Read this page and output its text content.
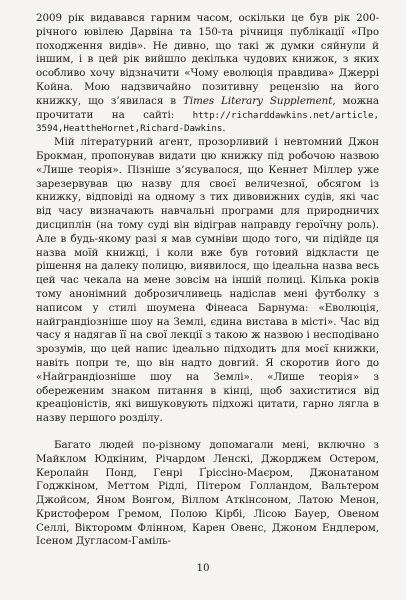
2009 рік видавався гарним часом, оскільки це був рік 200-річного ювілею Дарвіна та 150-та річниця публікації «Про походження видів». Не дивно, що такі ж думки сяйнули й іншим, і в цей рік вийшло декілька чудових книжок, з яких особливо хочу відзначити «Чому еволюція правдива» Джеррі Койна. Мою надзвичайно позитивну рецензію на його книжку, що з’явилася в Times Literary Supplement, можна прочитати на сайті: http://richarddawkins.net/article, 3594,HeattheHornet,Richard-Dawkins.

Мій літературний агент, прозорливий і невтомний Джон Брокман, пропонував видати цю книжку під робочою назвою «Лише теорія». Пізніше з’ясувалося, що Кеннет Міллер уже зарезервував цю назву для своєї величезної, обсягом із книжку, відповіді на одному з тих дивовижних судів, які час від часу визначають навчальні програми для природничих дисциплін (на тому суді він відіграв направду героїчну роль). Але в будь-якому разі я мав сумніви щодо того, чи підійде ця назва моїй книжці, і коли вже був готовий відкласти це рішення на далеку полицю, виявилося, що ідеальна назва весь цей час чекала на мене зовсім на іншій полиці. Кілька років тому анонімний доброзичливець надіслав мені футболку з написом у стилі шоумена Фінеаса Барнума: «Еволюція, найграндіозніше шоу на Землі, єдина вистава в місті». Час від часу я надягав її на свої лекції з такою ж назвою і несподівано зрозумів, що цей напис ідеально підходить для моєї книжки, навіть попри те, що він надто довгий. Я скоротив його до «Найграндіозніше шоу на Землі». «Лише теорія» з обереженим знаком питання в кінці, щоб захиститися від креаціоністів, які вишуковують підхожі цитати, гарно лягла в назву першого розділу.

Багато людей по-різному допомагали мені, включно з Майклом Юдкіним, Річардом Ленскі, Джорджем Остером, Керолайн Понд, Генрі Ґріссіно-Маєром, Джонатаном Годжкіном, Меттом Рідлі, Пітером Голландом, Вальтером Джойсом, Яном Вонгом, Віллом Аткінсоном, Латою Менон, Кристофером Гремом, Полою Кірбі, Лісою Бауер, Овеном Селлі, Вікторомм Флінном, Карен Овенс, Джоном Ендлером, Ісеном Дугласом-Гаміль-

10
